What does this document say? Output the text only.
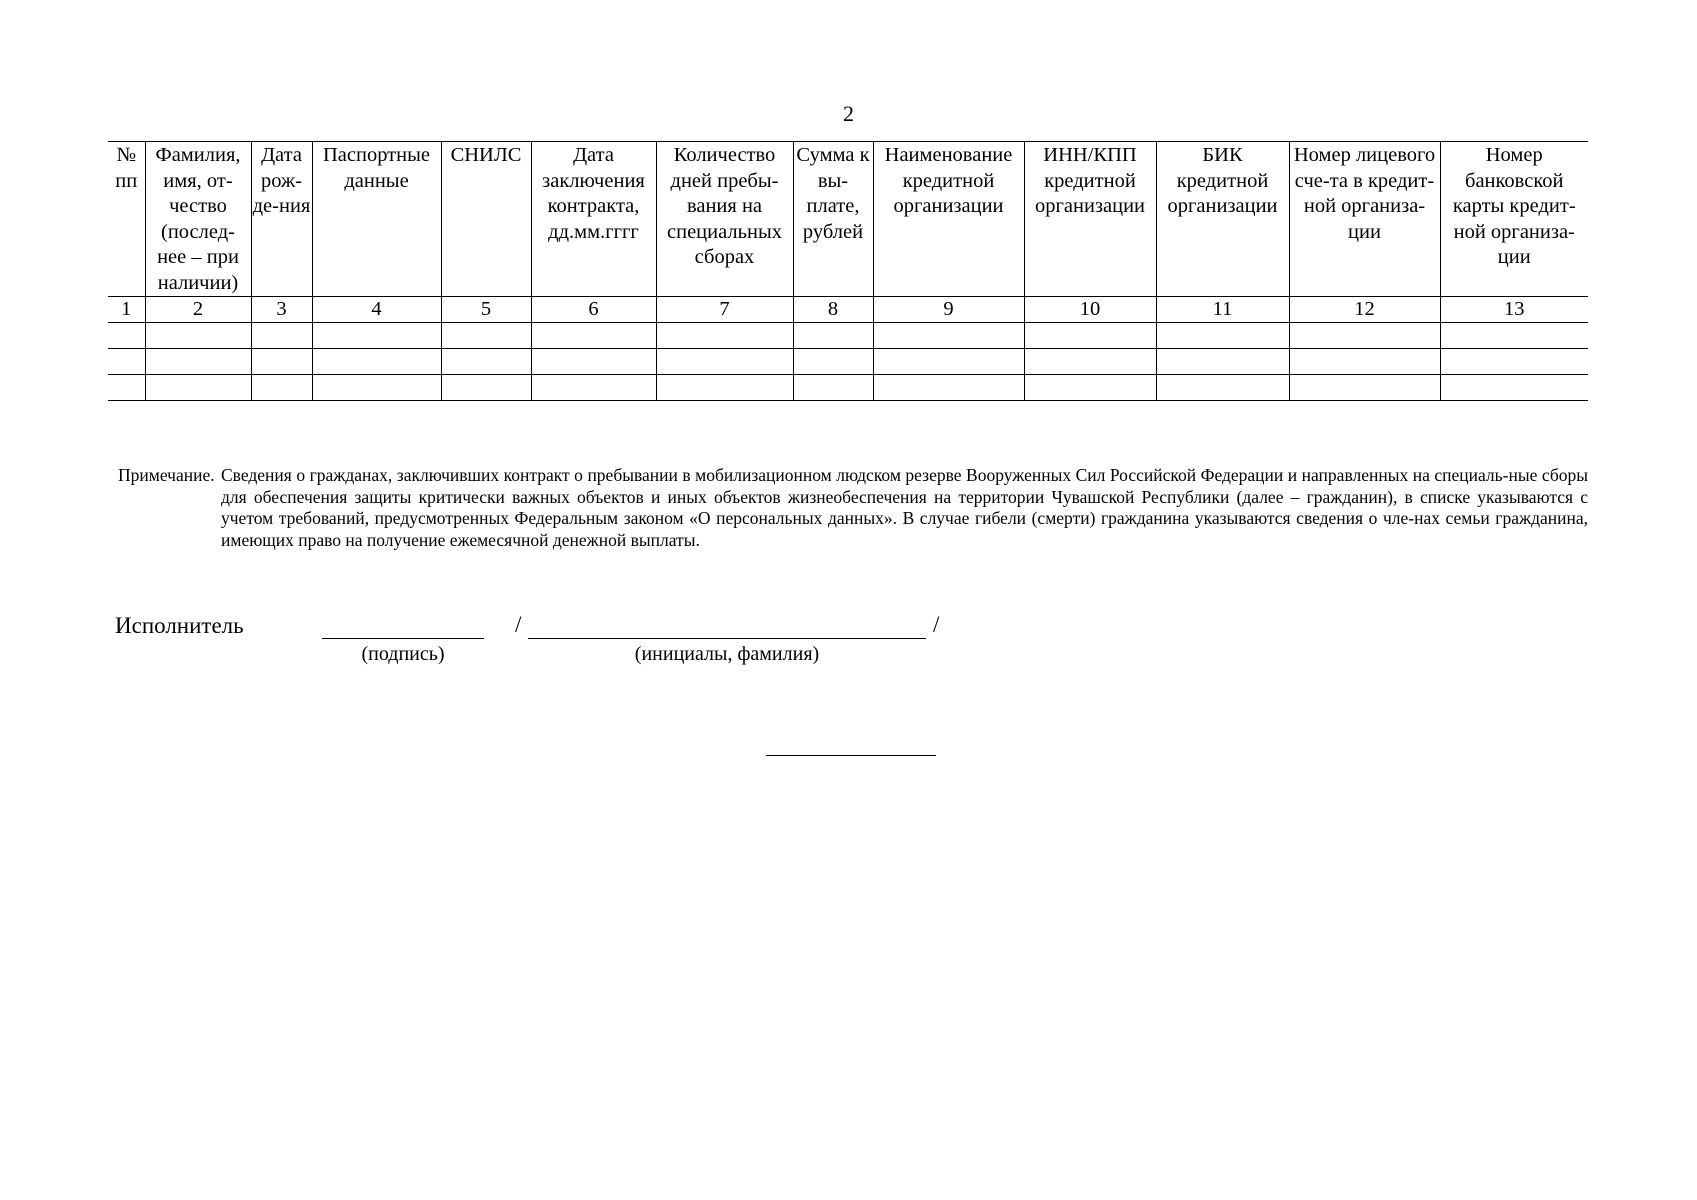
2
№ пп	Фамилия, имя, от-чество (послед-нее – при наличии)	Дата рож-де-ния	Паспортные данные	СНИЛС	Дата заключения контракта, дд.мм.гггг	Количество дней пребы-вания на специальных сборах	Сумма к вы-плате, рублей	Наименование кредитной организации	ИНН/КПП кредитной организации	БИК кредитной организации	Номер лицевого сче-та в кредит-ной организа-ции	Номер банковской карты кредит-ной организа-ции
1	2	3	4	5	6	7	8	9	10	11	12	13

Примечание. Сведения о гражданах, заключивших контракт о пребывании в мобилизационном людском резерве Вооруженных Сил Российской Федерации и направленных на специаль-ные сборы для обеспечения защиты критически важных объектов и иных объектов жизнеобеспечения на территории Чувашской Республики (далее – гражданин), в списке указываются с учетом требований, предусмотренных Федеральным законом «О персональных данных». В случае гибели (смерти) гражданина указываются сведения о чле-нах семьи гражданина, имеющих право на получение ежемесячной денежной выплаты.
Исполнитель	/	/
(подпись)	(инициалы, фамилия)
